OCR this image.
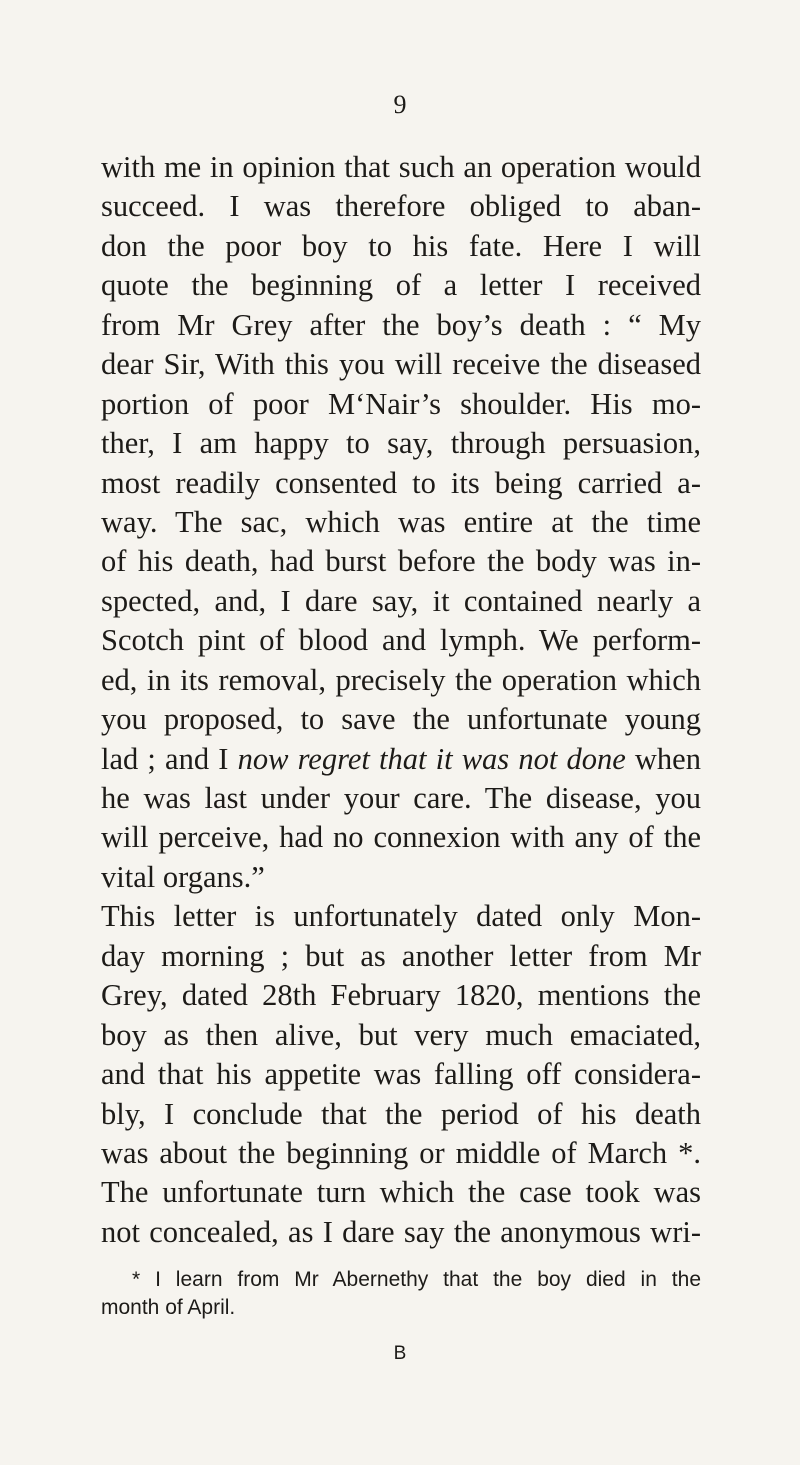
9
with me in opinion that such an operation would
succeed. I was therefore obliged to aban-
don the poor boy to his fate. Here I will
quote the beginning of a letter I received
from Mr Grey after the boy’s death : “ My
dear Sir, With this you will receive the diseased
portion of poor M‘Nair’s shoulder. His mo-
ther, I am happy to say, through persuasion,
most readily consented to its being carried a-
way. The sac, which was entire at the time
of his death, had burst before the body was in-
spected, and, I dare say, it contained nearly a
Scotch pint of blood and lymph. We perform-
ed, in its removal, precisely the operation which
you proposed, to save the unfortunate young
lad ; and I now regret that it was not done when
he was last under your care. The disease, you
will perceive, had no connexion with any of the
vital organs.”
This letter is unfortunately dated only Mon-
day morning ; but as another letter from Mr
Grey, dated 28th February 1820, mentions the
boy as then alive, but very much emaciated,
and that his appetite was falling off considera-
bly, I conclude that the period of his death
was about the beginning or middle of March *.
The unfortunate turn which the case took was
not concealed, as I dare say the anonymous wri-
* I learn from Mr Abernethy that the boy died in the
month of April.
B
